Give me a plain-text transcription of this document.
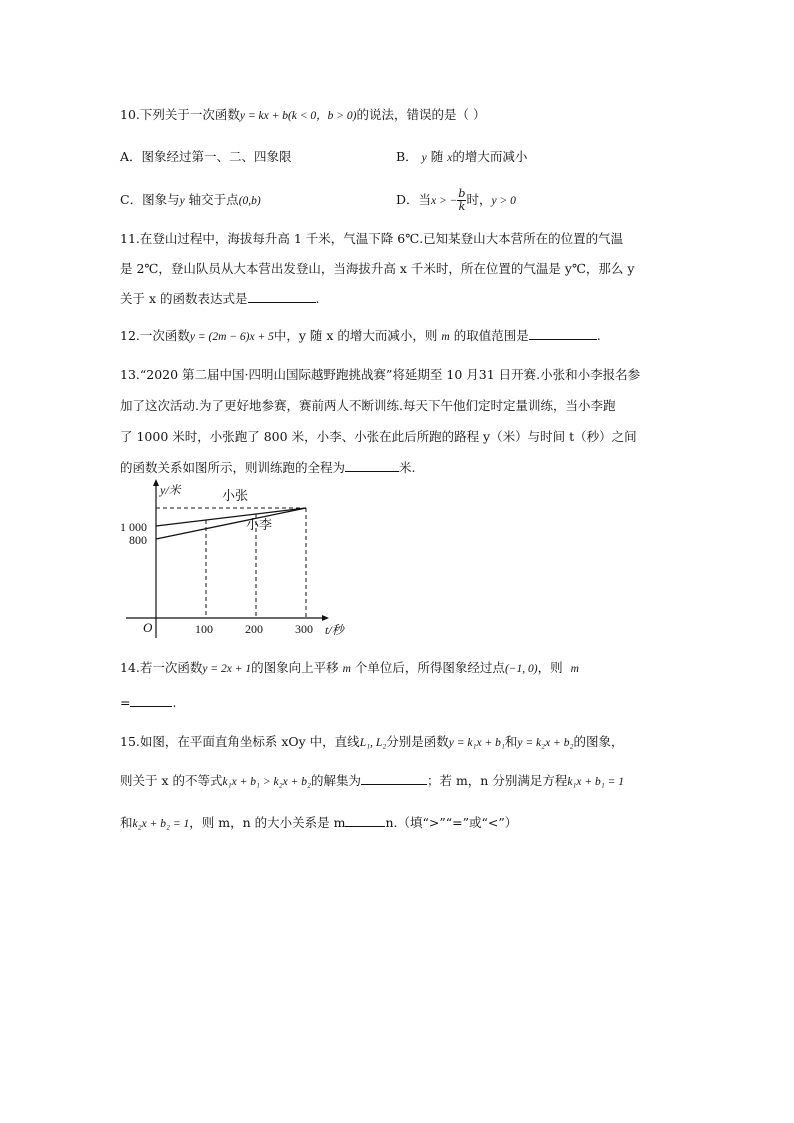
10.下列关于一次函数y = kx + b(k < 0，b > 0)的说法，错误的是（ ）
A．图象经过第一、二、四象限	B． y 随 x的增大而减小
C．图象与y 轴交于点(0,b)	D．当x > − $\frac{b}{k}$ 时，y > 0
11.在登山过程中，海拔每升高 1 千米，气温下降 6℃.已知某登山大本营所在的位置的气温
是 2℃，登山队员从大本营出发登山，当海拔升高 x 千米时，所在位置的气温是 y℃，那么 y
关于 x 的函数表达式是	.
12.一次函数y = (2m − 6)x + 5中，y 随 x 的增大而减小，则 m 的取值范围是	.
13.“2020 第二届中国·四明山国际越野跑挑战赛”将延期至 10 月31 日开赛.小张和小李报名参
加了这次活动.为了更好地参赛，赛前两人不断训练.每天下午他们定时定量训练，当小李跑
了 1000 米时，小张跑了 800 米，小李、小张在此后所跑的路程 y（米）与时间 t（秒）之间
的函数关系如图所示，则训练跑的全程为	米.
y/米
t/秒
O
1 000
800
100	200	300
小张
小李
14.若一次函数y = 2x + 1的图象向上平移 m 个单位后，所得图象经过点(−1, 0)，则 m
=	.
15.如图，在平面直角坐标系 xOy 中，直线L₁, L₂分别是函数y = k₁x + b₁和y = k₂x + b₂的图象，
则关于 x 的不等式k₁x + b₁ > k₂x + b₂的解集为	；若 m，n 分别满足方程k₁x + b₁ = 1
和k₂x + b₂ = 1，则 m，n 的大小关系是 m	n.（填“>”“=”或“<”）
